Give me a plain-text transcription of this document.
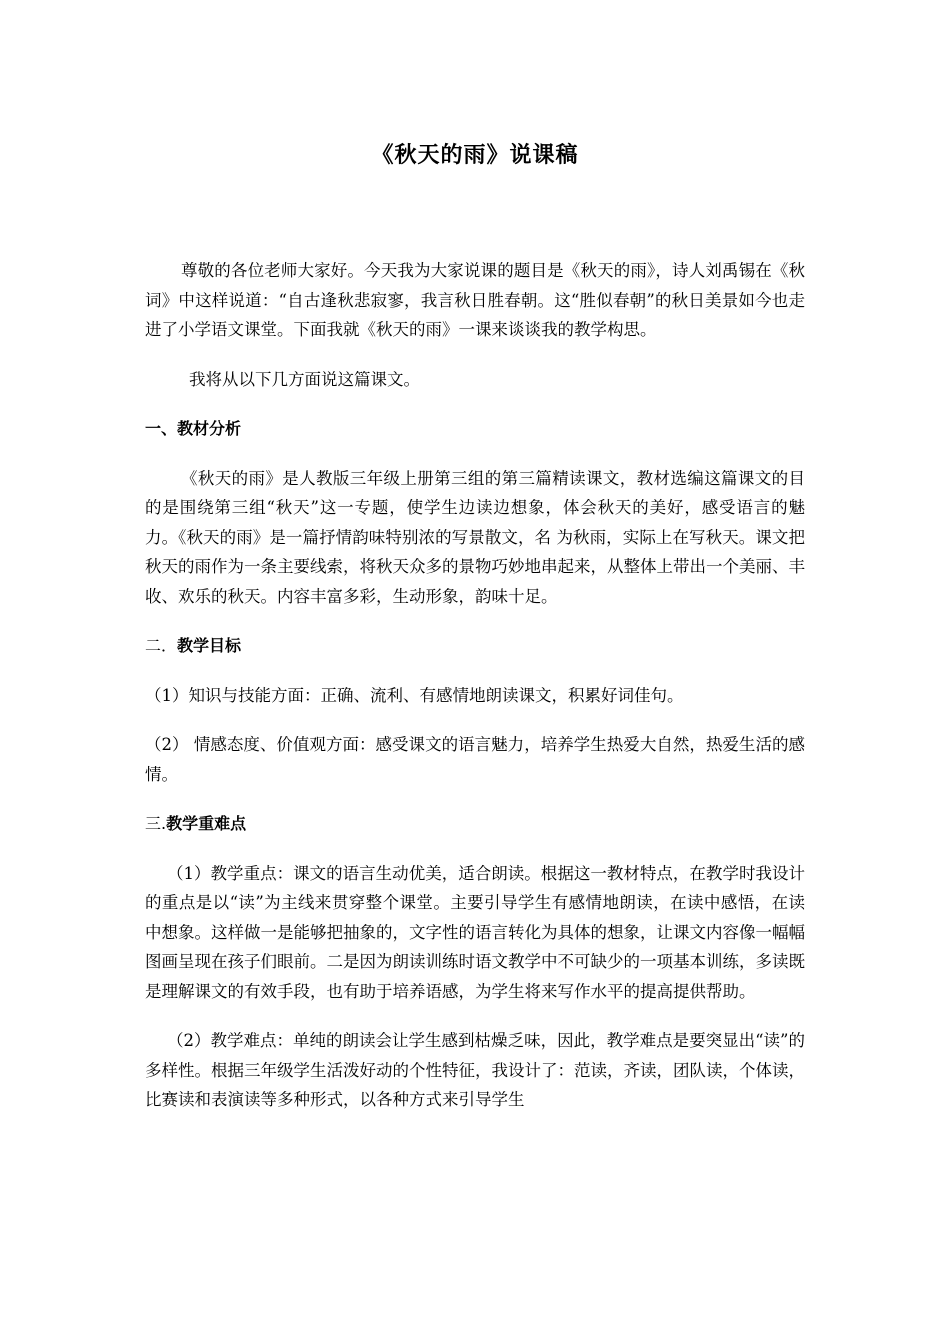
《秋天的雨》说课稿

尊敬的各位老师大家好。今天我为大家说课的题目是《秋天的雨》，诗人刘禹锡在《秋词》中这样说道：“自古逢秋悲寂寥，我言秋日胜春朝。这“胜似春朝”的秋日美景如今也走进了小学语文课堂。下面我就《秋天的雨》一课来谈谈我的教学构思。

我将从以下几方面说这篇课文。

一、教材分析

《秋天的雨》是人教版三年级上册第三组的第三篇精读课文，教材选编这篇课文的目的是围绕第三组“秋天”这一专题，使学生边读边想象，体会秋天的美好，感受语言的魅力。《秋天的雨》是一篇抒情韵味特别浓的写景散文，名 为秋雨，实际上在写秋天。课文把秋天的雨作为一条主要线索，将秋天众多的景物巧妙地串起来，从整体上带出一个美丽、丰收、欢乐的秋天。内容丰富多彩，生动形象，韵味十足。

二．教学目标

（1）知识与技能方面：正确、流利、有感情地朗读课文，积累好词佳句。

（2） 情感态度、价值观方面：感受课文的语言魅力，培养学生热爱大自然，热爱生活的感情。

三.教学重难点

（1）教学重点：课文的语言生动优美，适合朗读。根据这一教材特点，在教学时我设计的重点是以“读”为主线来贯穿整个课堂。主要引导学生有感情地朗读，在读中感悟，在读中想象。这样做一是能够把抽象的，文字性的语言转化为具体的想象，让课文内容像一幅幅图画呈现在孩子们眼前。二是因为朗读训练时语文教学中不可缺少的一项基本训练，多读既是理解课文的有效手段，也有助于培养语感，为学生将来写作水平的提高提供帮助。

（2）教学难点：单纯的朗读会让学生感到枯燥乏味，因此，教学难点是要突显出“读”的多样性。根据三年级学生活泼好动的个性特征，我设计了：范读，齐读，团队读，个体读，比赛读和表演读等多种形式，以各种方式来引导学生
